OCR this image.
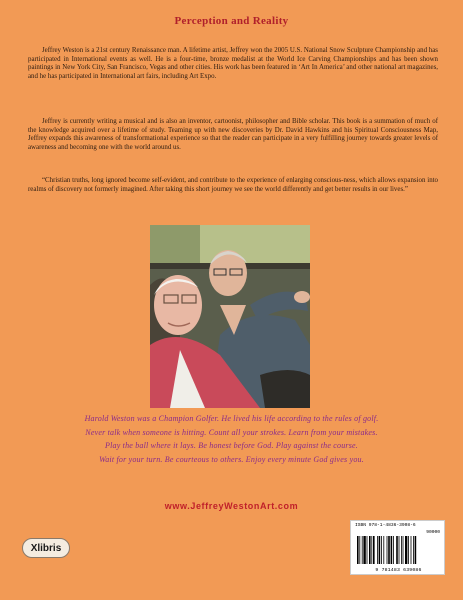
Perception and Reality

Jeffrey Weston is a 21st century Renaissance man. A lifetime artist, Jeffrey won the 2005 U.S. National Snow Sculpture Championship and has participated in International events as well. He is a four-time, bronze medalist at the World Ice Carving Championships and has been shown paintings in New York City, San Francisco, Vegas and other cities. His work has been featured in ‘Art In America’ and other national art magazines, and he has participated in International art fairs, including Art Expo.

Jeffrey is currently writing a musical and is also an inventor, cartoonist, philosopher and Bible scholar. This book is a summation of much of the knowledge acquired over a lifetime of study. Teaming up with new discoveries by Dr. David Hawkins and his Spiritual Consciousness Map, Jeffrey expands this awareness of transformational experience so that the reader can participate in a very fulfilling journey towards greater levels of awareness and becoming one with the world around us.

“Christian truths, long ignored become self-evident, and contribute to the experience of enlarging conscious-ness, which allows expansion into realms of discovery not formerly imagined. After taking this short journey we see the world differently and get better results in our lives.”

Harold Weston was a Champion Golfer. He lived his life according to the rules of golf.
Never talk when someone is hitting. Count all your strokes. Learn from your mistakes.
Play the ball where it lays. Be honest before God. Play against the course.
Wait for your turn. Be courteous to others. Enjoy every minute God gives you.
www.JeffreyWestonArt.com
Xlibris
ISBN 978-1-4836-3908-6
90000
9 781483 639086
